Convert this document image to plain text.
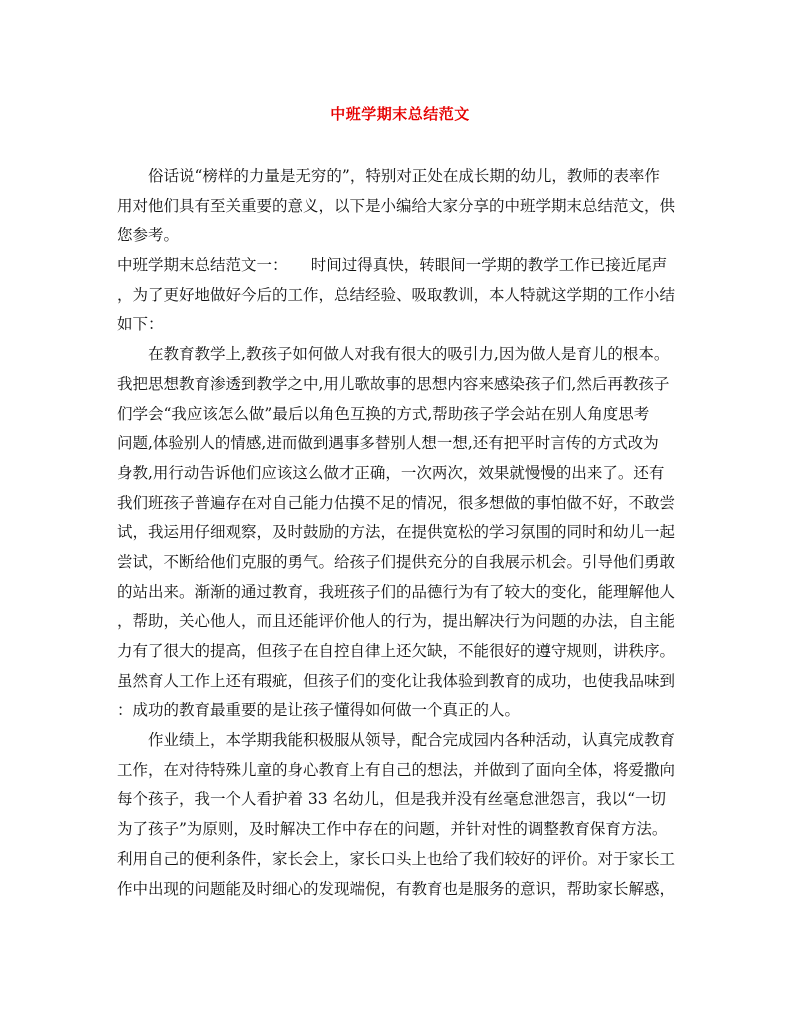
中班学期末总结范文
俗话说“榜样的力量是无穷的”，特别对正处在成长期的幼儿，教师的表率作
用对他们具有至关重要的意义，以下是小编给大家分享的中班学期末总结范文，供
您参考。
中班学期末总结范文一：　　时间过得真快，转眼间一学期的教学工作已接近尾声
，为了更好地做好今后的工作，总结经验、吸取教训，本人特就这学期的工作小结
如下：
在教育教学上,教孩子如何做人对我有很大的吸引力,因为做人是育儿的根本。
我把思想教育渗透到教学之中,用儿歌故事的思想内容来感染孩子们,然后再教孩子
们学会“我应该怎么做”最后以角色互换的方式,帮助孩子学会站在别人角度思考
问题,体验别人的情感,进而做到遇事多替别人想一想,还有把平时言传的方式改为
身教,用行动告诉他们应该这么做才正确，一次两次，效果就慢慢的出来了。还有
我们班孩子普遍存在对自己能力估摸不足的情况，很多想做的事怕做不好，不敢尝
试，我运用仔细观察，及时鼓励的方法，在提供宽松的学习氛围的同时和幼儿一起
尝试，不断给他们克服的勇气。给孩子们提供充分的自我展示机会。引导他们勇敢
的站出来。渐渐的通过教育，我班孩子们的品德行为有了较大的变化，能理解他人
，帮助，关心他人，而且还能评价他人的行为，提出解决行为问题的办法，自主能
力有了很大的提高，但孩子在自控自律上还欠缺，不能很好的遵守规则，讲秩序。
虽然育人工作上还有瑕疵，但孩子们的变化让我体验到教育的成功，也使我品味到
：成功的教育最重要的是让孩子懂得如何做一个真正的人。
作业绩上，本学期我能积极服从领导，配合完成园内各种活动，认真完成教育
工作，在对待特殊儿童的身心教育上有自己的想法，并做到了面向全体，将爱撒向
每个孩子，我一个人看护着 33 名幼儿，但是我并没有丝毫怠泄怨言，我以“一切
为了孩子”为原则，及时解决工作中存在的问题，并针对性的调整教育保育方法。
利用自己的便利条件，家长会上，家长口头上也给了我们较好的评价。对于家长工
作中出现的问题能及时细心的发现端倪，有教育也是服务的意识，帮助家长解惑，
